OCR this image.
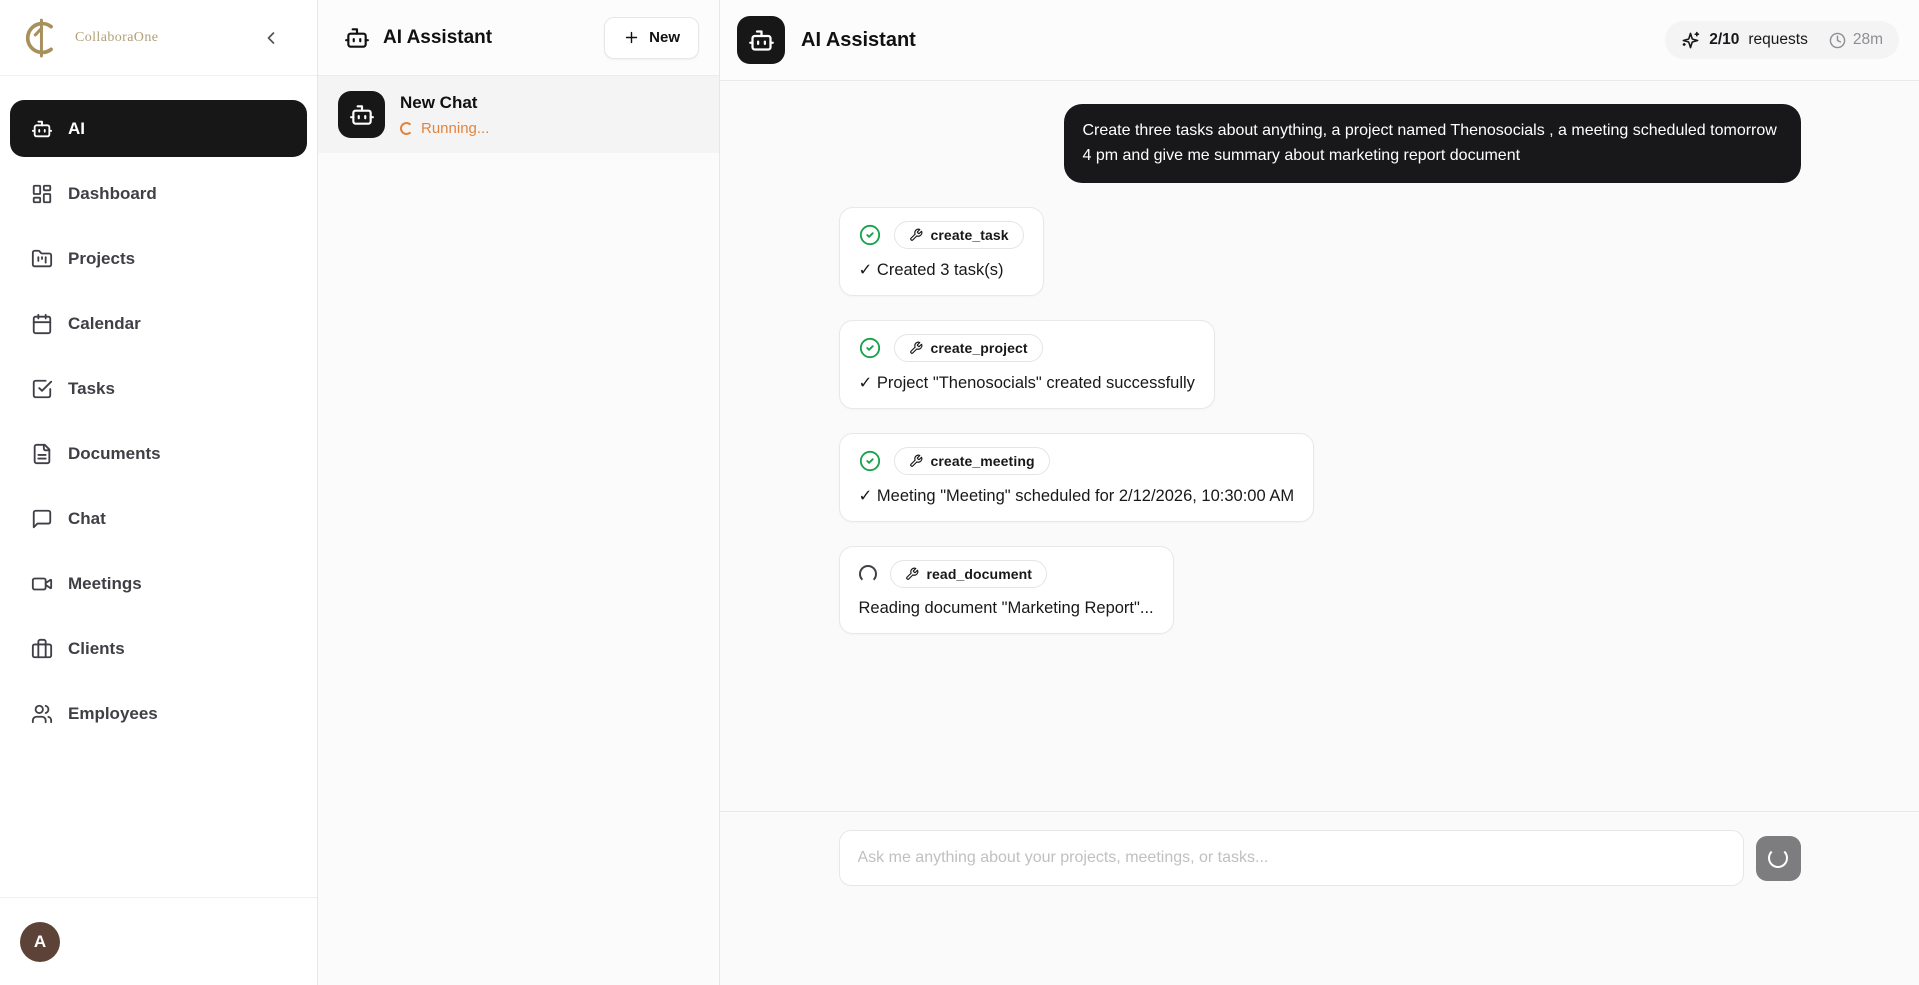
CollaboraOne
AI
Dashboard
Projects
Calendar
Tasks
Documents
Chat
Meetings
Clients
Employees
A
AI Assistant	New
New Chat
Running...
AI Assistant	2/10 requests	28m
Create three tasks about anything, a project named Thenosocials , a meeting scheduled tomorrow 4 pm and give me summary about marketing report document
create_task
✓ Created 3 task(s)
create_project
✓ Project "Thenosocials" created successfully
create_meeting
✓ Meeting "Meeting" scheduled for 2/12/2026, 10:30:00 AM
read_document
Reading document "Marketing Report"...
Ask me anything about your projects, meetings, or tasks...
